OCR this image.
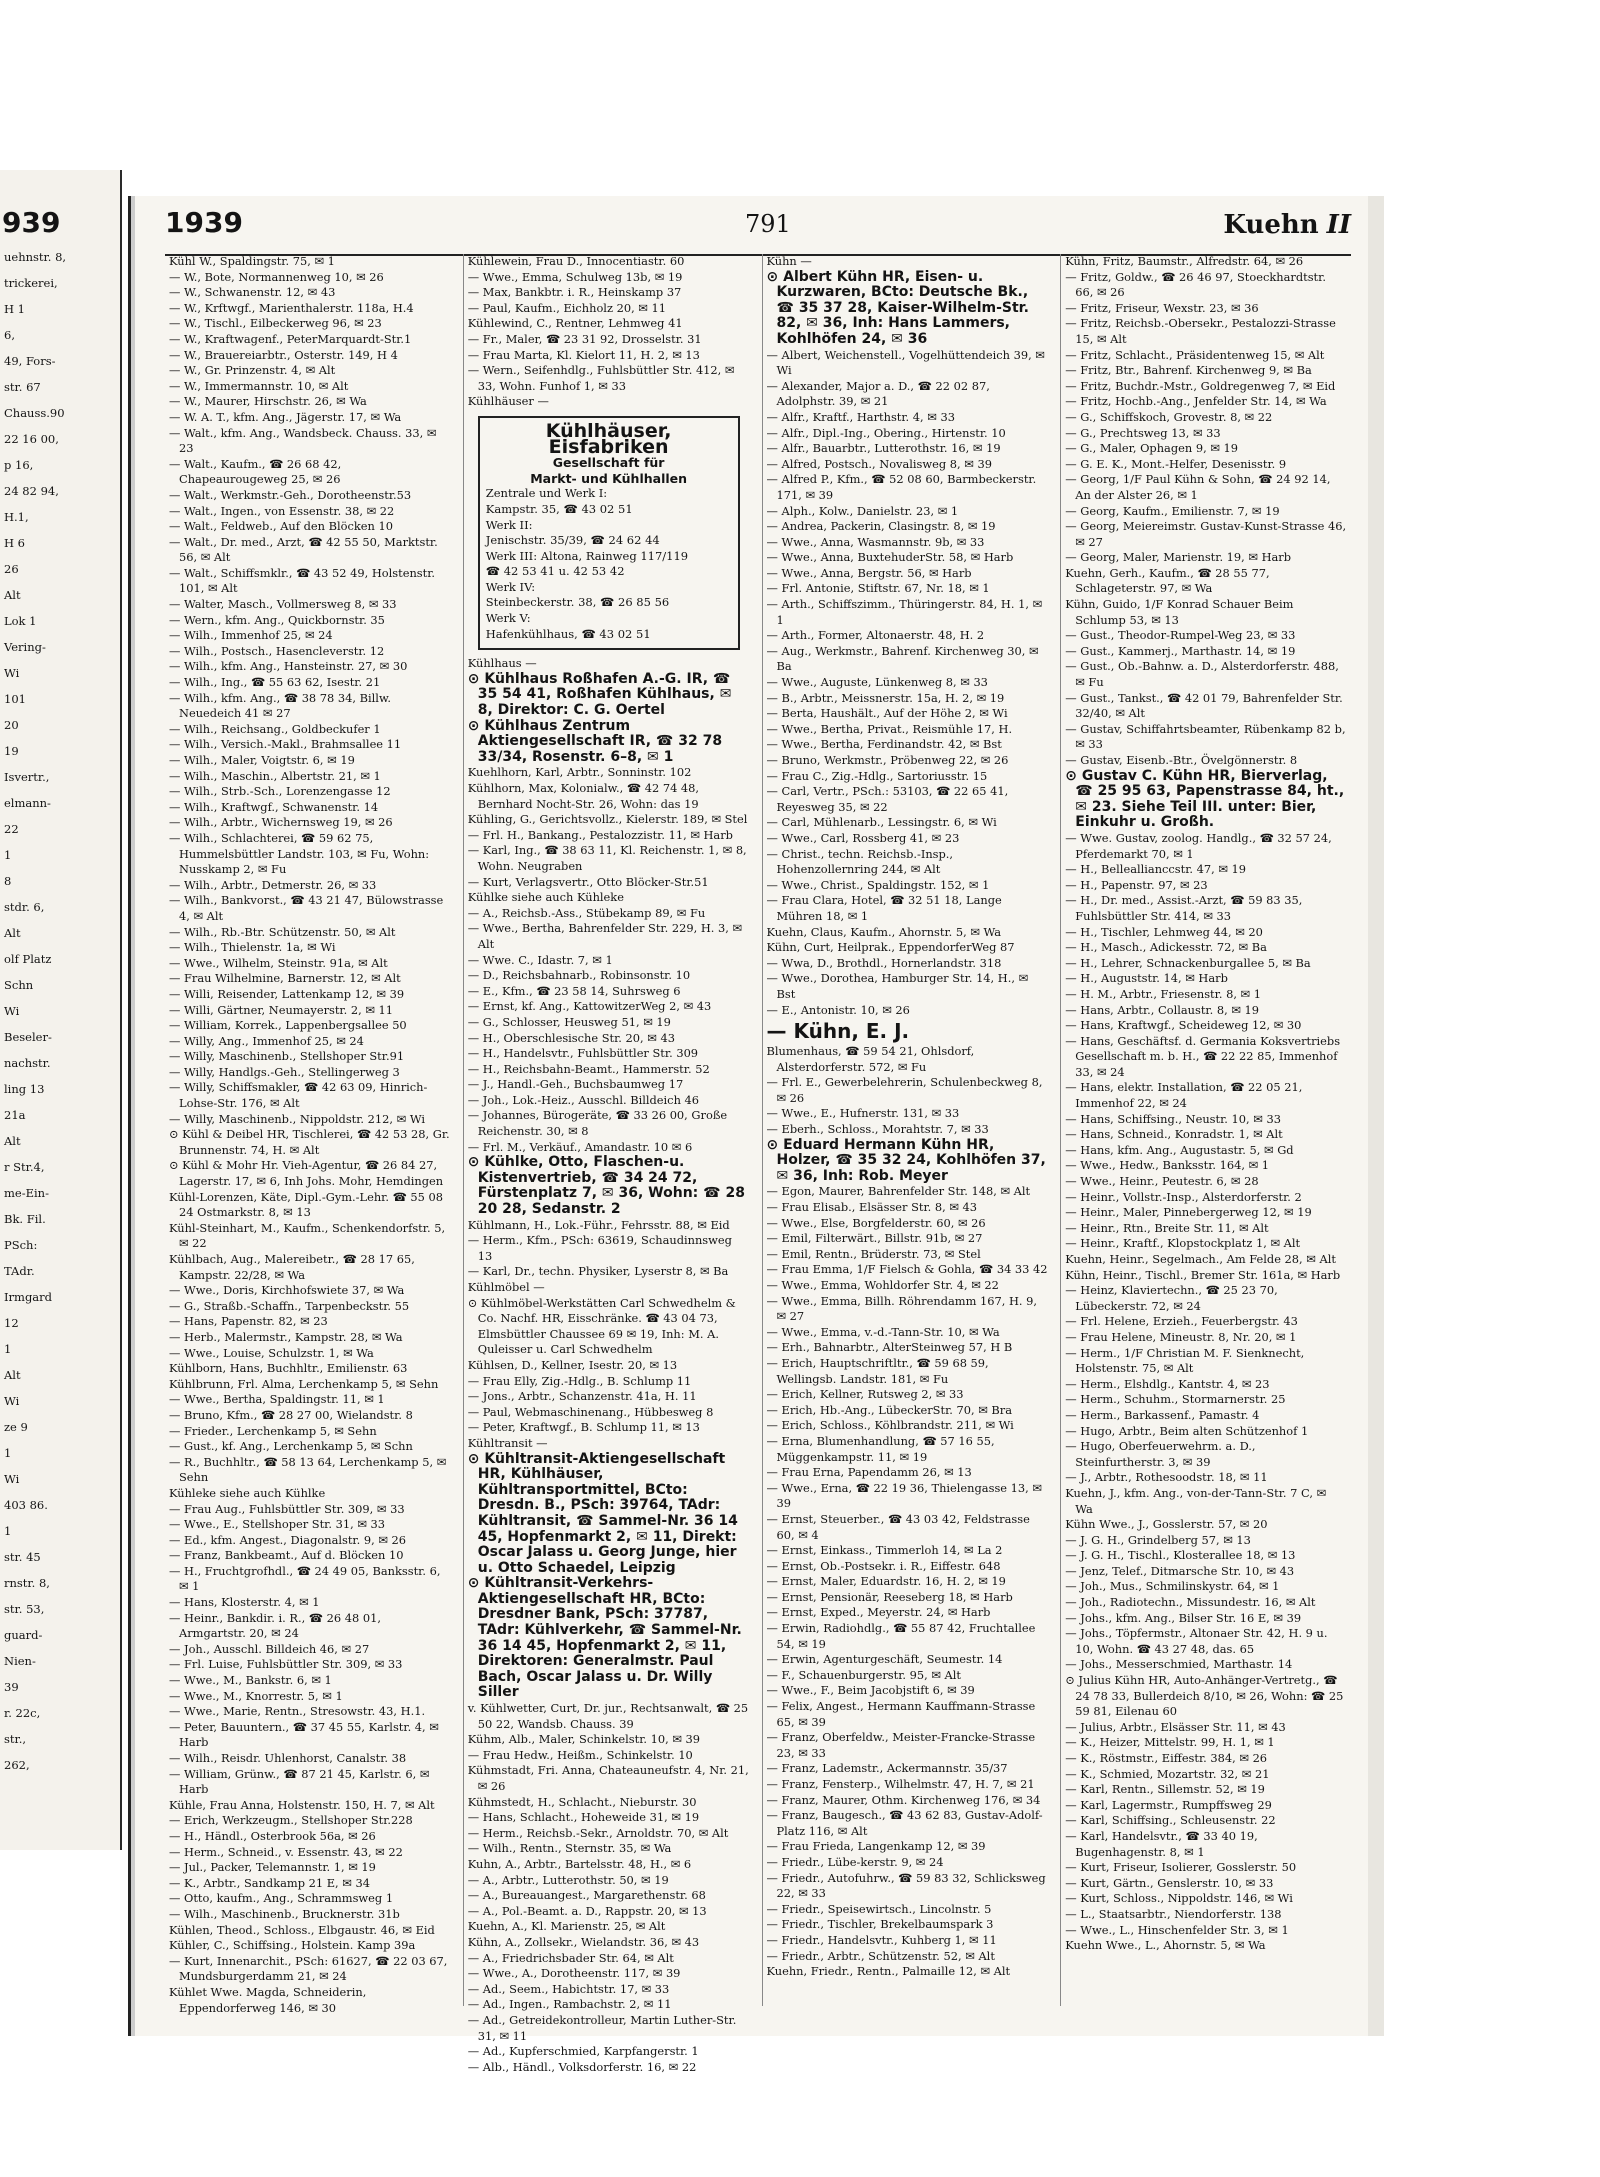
939
uehnstr. 8,
trickerei,
H 1
6,
49, Fors-
str. 67
Chauss.90
22 16 00,
p 16,
24 82 94,
H.1,
H 6
26
Alt
Lok 1
Vering-
Wi
101
20
19
Isvertr.,
elmann-
22
1
8
stdr. 6,
Alt
olf Platz
Schn
Wi
Beseler-
nachstr.
ling 13
21a
Alt
r Str.4,
me-Ein-
Bk. Fil.
PSch:
TAdr.
Irmgard
12
1
Alt
Wi
ze 9
1
Wi
403 86.
1
str. 45
rnstr. 8,
str. 53,
guard-
Nien-
39
r. 22c,
str.,
262,
1939	791	Kuehn II
Kühl W., Spaldingstr. 75, ✉ 1
— W., Bote, Normannenweg 10, ✉ 26
— W., Schwanenstr. 12, ✉ 43
— W., Krftwgf., Marienthalerstr. 118a, H.4
— W., Tischl., Eilbeckerweg 96, ✉ 23
— W., Kraftwagenf., PeterMarquardt-Str.1
— W., Brauereiarbtr., Osterstr. 149, H 4
— W., Gr. Prinzenstr. 4, ✉ Alt
— W., Immermannstr. 10, ✉ Alt
— W., Maurer, Hirschstr. 26, ✉ Wa
— W. A. T., kfm. Ang., Jägerstr. 17, ✉ Wa
— Walt., kfm. Ang., Wandsbeck. Chauss. 33, ✉ 23
— Walt., Kaufm., ☎ 26 68 42, Chapeaurougeweg 25, ✉ 26
— Walt., Werkmstr.-Geh., Dorotheenstr.53
— Walt., Ingen., von Essenstr. 38, ✉ 22
— Walt., Feldweb., Auf den Blöcken 10
— Walt., Dr. med., Arzt, ☎ 42 55 50, Marktstr. 56, ✉ Alt
— Walt., Schiffsmklr., ☎ 43 52 49, Holstenstr. 101, ✉ Alt
— Walter, Masch., Vollmersweg 8, ✉ 33
— Wern., kfm. Ang., Quickbornstr. 35
— Wilh., Immenhof 25, ✉ 24
— Wilh., Postsch., Hasencleverstr. 12
— Wilh., kfm. Ang., Hansteinstr. 27, ✉ 30
— Wilh., Ing., ☎ 55 63 62, Isestr. 21
— Wilh., kfm. Ang., ☎ 38 78 34, Billw. Neuedeich 41 ✉ 27
— Wilh., Reichsang., Goldbeckufer 1
— Wilh., Versich.-Makl., Brahmsallee 11
— Wilh., Maler, Voigtstr. 6, ✉ 19
— Wilh., Maschin., Albertstr. 21, ✉ 1
— Wilh., Strb.-Sch., Lorenzengasse 12
— Wilh., Kraftwgf., Schwanenstr. 14
— Wilh., Arbtr., Wichernsweg 19, ✉ 26
— Wilh., Schlachterei, ☎ 59 62 75, Hummelsbüttler Landstr. 103, ✉ Fu, Wohn: Nusskamp 2, ✉ Fu
— Wilh., Arbtr., Detmerstr. 26, ✉ 33
— Wilh., Bankvorst., ☎ 43 21 47, Bülowstrasse 4, ✉ Alt
— Wilh., Rb.-Btr. Schützenstr. 50, ✉ Alt
— Wilh., Thielenstr. 1a, ✉ Wi
— Wwe., Wilhelm, Steinstr. 91a, ✉ Alt
— Frau Wilhelmine, Barnerstr. 12, ✉ Alt
— Willi, Reisender, Lattenkamp 12, ✉ 39
— Willi, Gärtner, Neumayerstr. 2, ✉ 11
— William, Korrek., Lappenbergsallee 50
— Willy, Ang., Immenhof 25, ✉ 24
— Willy, Maschinenb., Stellshoper Str.91
— Willy, Handlgs.-Geh., Stellingerweg 3
— Willy, Schiffsmakler, ☎ 42 63 09, Hinrich-Lohse-Str. 176, ✉ Alt
— Willy, Maschinenb., Nippoldstr. 212, ✉ Wi
⊙ Kühl & Deibel HR, Tischlerei, ☎ 42 53 28, Gr. Brunnenstr. 74, H. ✉ Alt
⊙ Kühl & Mohr Hr. Vieh-Agentur, ☎ 26 84 27, Lagerstr. 17, ✉ 6, Inh Johs. Mohr, Hemdingen
Kühl-Lorenzen, Käte, Dipl.-Gym.-Lehr. ☎ 55 08 24 Ostmarkstr. 8, ✉ 13
Kühl-Steinhart, M., Kaufm., Schenkendorfstr. 5, ✉ 22
Kühlbach, Aug., Malereibetr., ☎ 28 17 65, Kampstr. 22/28, ✉ Wa
— Wwe., Doris, Kirchhofswiete 37, ✉ Wa
— G., Straßb.-Schaffn., Tarpenbeckstr. 55
— Hans, Papenstr. 82, ✉ 23
— Herb., Malermstr., Kampstr. 28, ✉ Wa
— Wwe., Louise, Schulzstr. 1, ✉ Wa
Kühlborn, Hans, Buchhltr., Emilienstr. 63
Kühlbrunn, Frl. Alma, Lerchenkamp 5, ✉ Sehn
— Wwe., Bertha, Spaldingstr. 11, ✉ 1
— Bruno, Kfm., ☎ 28 27 00, Wielandstr. 8
— Frieder., Lerchenkamp 5, ✉ Sehn
— Gust., kf. Ang., Lerchenkamp 5, ✉ Schn
— R., Buchhltr., ☎ 58 13 64, Lerchenkamp 5, ✉ Sehn
Kühleke siehe auch Kühlke
— Frau Aug., Fuhlsbüttler Str. 309, ✉ 33
— Wwe., E., Stellshoper Str. 31, ✉ 33
— Ed., kfm. Angest., Diagonalstr. 9, ✉ 26
— Franz, Bankbeamt., Auf d. Blöcken 10
— H., Fruchtgrofhdl., ☎ 24 49 05, Banksstr. 6, ✉ 1
— Hans, Klosterstr. 4, ✉ 1
— Heinr., Bankdir. i. R., ☎ 26 48 01, Armgartstr. 20, ✉ 24
— Joh., Ausschl. Billdeich 46, ✉ 27
— Frl. Luise, Fuhlsbüttler Str. 309, ✉ 33
— Wwe., M., Bankstr. 6, ✉ 1
— Wwe., M., Knorrestr. 5, ✉ 1
— Wwe., Marie, Rentn., Stresowstr. 43, H.1.
— Peter, Bauuntern., ☎ 37 45 55, Karlstr. 4, ✉ Harb
— Wilh., Reisdr. Uhlenhorst, Canalstr. 38
— William, Grünw., ☎ 87 21 45, Karlstr. 6, ✉ Harb
Kühle, Frau Anna, Holstenstr. 150, H. 7, ✉ Alt
— Erich, Werkzeugm., Stellshoper Str.228
— H., Händl., Osterbrook 56a, ✉ 26
— Herm., Schneid., v. Essenstr. 43, ✉ 22
— Jul., Packer, Telemannstr. 1, ✉ 19
— K., Arbtr., Sandkamp 21 E, ✉ 34
— Otto, kaufm., Ang., Schrammsweg 1
— Wilh., Maschinenb., Brucknerstr. 31b
Kühlen, Theod., Schloss., Elbgaustr. 46, ✉ Eid
Kühler, C., Schiffsing., Holstein. Kamp 39a
— Kurt, Innenarchit., PSch: 61627, ☎ 22 03 67, Mundsburgerdamm 21, ✉ 24
Kühlet Wwe. Magda, Schneiderin, Eppendorferweg 146, ✉ 30
Kühlewein, Frau D., Innocentiastr. 60
— Wwe., Emma, Schulweg 13b, ✉ 19
— Max, Bankbtr. i. R., Heinskamp 37
— Paul, Kaufm., Eichholz 20, ✉ 11
Kühlewind, C., Rentner, Lehmweg 41
— Fr., Maler, ☎ 23 31 92, Drosselstr. 31
— Frau Marta, Kl. Kielort 11, H. 2, ✉ 13
— Wern., Seifenhdlg., Fuhlsbüttler Str. 412, ✉ 33, Wohn. Funhof 1, ✉ 33
Kühlhäuser —
Kühlhäuser, Eisfabriken
Gesellschaft für
Markt- und Kühlhallen
Zentrale und Werk I:
Kampstr. 35, ☎ 43 02 51
Werk II:
Jenischstr. 35/39, ☎ 24 62 44
Werk III: Altona, Rainweg 117/119
☎ 42 53 41 u. 42 53 42
Werk IV:
Steinbeckerstr. 38, ☎ 26 85 56
Werk V:
Hafenkühlhaus, ☎ 43 02 51
Kühlhaus —
⊙ Kühlhaus Roßhafen A.-G. IR, ☎ 35 54 41, Roßhafen Kühlhaus, ✉ 8, Direktor: C. G. Oertel
⊙ Kühlhaus Zentrum Aktiengesellschaft IR, ☎ 32 78 33/34, Rosenstr. 6–8, ✉ 1
Kuehlhorn, Karl, Arbtr., Sonninstr. 102
Kühlhorn, Max, Kolonialw., ☎ 42 74 48, Bernhard Nocht-Str. 26, Wohn: das 19
Kühling, G., Gerichtsvollz., Kielerstr. 189, ✉ Stel
— Frl. H., Bankang., Pestalozzistr. 11, ✉ Harb
— Karl, Ing., ☎ 38 63 11, Kl. Reichenstr. 1, ✉ 8, Wohn. Neugraben
— Kurt, Verlagsvertr., Otto Blöcker-Str.51
Kühlke siehe auch Kühleke
— A., Reichsb.-Ass., Stübekamp 89, ✉ Fu
— Wwe., Bertha, Bahrenfelder Str. 229, H. 3, ✉ Alt
— Wwe. C., Idastr. 7, ✉ 1
— D., Reichsbahnarb., Robinsonstr. 10
— E., Kfm., ☎ 23 58 14, Suhrsweg 6
— Ernst, kf. Ang., KattowitzerWeg 2, ✉ 43
— G., Schlosser, Heusweg 51, ✉ 19
— H., Oberschlesische Str. 20, ✉ 43
— H., Handelsvtr., Fuhlsbüttler Str. 309
— H., Reichsbahn-Beamt., Hammerstr. 52
— J., Handl.-Geh., Buchsbaumweg 17
— Joh., Lok.-Heiz., Ausschl. Billdeich 46
— Johannes, Bürogeräte, ☎ 33 26 00, Große Reichenstr. 30, ✉ 8
— Frl. M., Verkäuf., Amandastr. 10 ✉ 6
⊙ Kühlke, Otto, Flaschen-u. Kistenvertrieb, ☎ 34 24 72, Fürstenplatz 7, ✉ 36, Wohn: ☎ 28 20 28, Sedanstr. 2
Kühlmann, H., Lok.-Führ., Fehrsstr. 88, ✉ Eid
— Herm., Kfm., PSch: 63619, Schaudinnsweg 13
— Karl, Dr., techn. Physiker, Lyserstr 8, ✉ Ba
Kühlmöbel —
⊙ Kühlmöbel-Werkstätten Carl Schwedhelm & Co. Nachf. HR, Eisschränke. ☎ 43 04 73, Elmsbüttler Chaussee 69 ✉ 19, Inh: M. A. Quleisser u. Carl Schwedhelm
Kühlsen, D., Kellner, Isestr. 20, ✉ 13
— Frau Elly, Zig.-Hdlg., B. Schlump 11
— Jons., Arbtr., Schanzenstr. 41a, H. 11
— Paul, Webmaschinenang., Hübbesweg 8
— Peter, Kraftwgf., B. Schlump 11, ✉ 13
Kühltransit —
⊙ Kühltransit-Aktiengesellschaft HR, Kühlhäuser, Kühltransportmittel, BCto: Dresdn. B., PSch: 39764, TAdr: Kühltransit, ☎ Sammel-Nr. 36 14 45, Hopfenmarkt 2, ✉ 11, Direkt: Oscar Jalass u. Georg Junge, hier u. Otto Schaedel, Leipzig
⊙ Kühltransit-Verkehrs-Aktiengesellschaft HR, BCto: Dresdner Bank, PSch: 37787, TAdr: Kühlverkehr, ☎ Sammel-Nr. 36 14 45, Hopfenmarkt 2, ✉ 11, Direktoren: Generalmstr. Paul Bach, Oscar Jalass u. Dr. Willy Siller
v. Kühlwetter, Curt, Dr. jur., Rechtsanwalt, ☎ 25 50 22, Wandsb. Chauss. 39
Kühm, Alb., Maler, Schinkelstr. 10, ✉ 39
— Frau Hedw., Heißm., Schinkelstr. 10
Kühmstadt, Fri. Anna, Chateauneufstr. 4, Nr. 21, ✉ 26
Kühmstedt, H., Schlacht., Nieburstr. 30
— Hans, Schlacht., Hoheweide 31, ✉ 19
— Herm., Reichsb.-Sekr., Arnoldstr. 70, ✉ Alt
— Wilh., Rentn., Sternstr. 35, ✉ Wa
Kuhn, A., Arbtr., Bartelsstr. 48, H., ✉ 6
— A., Arbtr., Lutterothstr. 50, ✉ 19
— A., Bureauangest., Margarethenstr. 68
— A., Pol.-Beamt. a. D., Rappstr. 20, ✉ 13
Kuehn, A., Kl. Marienstr. 25, ✉ Alt
Kühn, A., Zollsekr., Wielandstr. 36, ✉ 43
— A., Friedrichsbader Str. 64, ✉ Alt
— Wwe., A., Dorotheenstr. 117, ✉ 39
— Ad., Seem., Habichtstr. 17, ✉ 33
— Ad., Ingen., Rambachstr. 2, ✉ 11
— Ad., Getreidekontrolleur, Martin Luther-Str. 31, ✉ 11
— Ad., Kupferschmied, Karpfangerstr. 1
— Alb., Händl., Volksdorferstr. 16, ✉ 22
Kühn —
⊙ Albert Kühn HR, Eisen- u. Kurzwaren, BCto: Deutsche Bk., ☎ 35 37 28, Kaiser-Wilhelm-Str. 82, ✉ 36, Inh: Hans Lammers, Kohlhöfen 24, ✉ 36
— Albert, Weichenstell., Vogelhüttendeich 39, ✉ Wi
— Alexander, Major a. D., ☎ 22 02 87, Adolphstr. 39, ✉ 21
— Alfr., Kraftf., Harthstr. 4, ✉ 33
— Alfr., Dipl.-Ing., Obering., Hirtenstr. 10
— Alfr., Bauarbtr., Lutterothstr. 16, ✉ 19
— Alfred, Postsch., Novalisweg 8, ✉ 39
— Alfred P., Kfm., ☎ 52 08 60, Barmbeckerstr. 171, ✉ 39
— Alph., Kolw., Danielstr. 23, ✉ 1
— Andrea, Packerin, Clasingstr. 8, ✉ 19
— Wwe., Anna, Wasmannstr. 9b, ✉ 33
— Wwe., Anna, BuxtehuderStr. 58, ✉ Harb
— Wwe., Anna, Bergstr. 56, ✉ Harb
— Frl. Antonie, Stiftstr. 67, Nr. 18, ✉ 1
— Arth., Schiffszimm., Thüringerstr. 84, H. 1, ✉ 1
— Arth., Former, Altonaerstr. 48, H. 2
— Aug., Werkmstr., Bahrenf. Kirchenweg 30, ✉ Ba
— Wwe., Auguste, Lünkenweg 8, ✉ 33
— B., Arbtr., Meissnerstr. 15a, H. 2, ✉ 19
— Berta, Haushält., Auf der Höhe 2, ✉ Wi
— Wwe., Bertha, Privat., Reismühle 17, H.
— Wwe., Bertha, Ferdinandstr. 42, ✉ Bst
— Bruno, Werkmstr., Pröbenweg 22, ✉ 26
— Frau C., Zig.-Hdlg., Sartoriusstr. 15
— Carl, Vertr., PSch.: 53103, ☎ 22 65 41, Reyesweg 35, ✉ 22
— Carl, Mühlenarb., Lessingstr. 6, ✉ Wi
— Wwe., Carl, Rossberg 41, ✉ 23
— Christ., techn. Reichsb.-Insp., Hohenzollernring 244, ✉ Alt
— Wwe., Christ., Spaldingstr. 152, ✉ 1
— Frau Clara, Hotel, ☎ 32 51 18, Lange Mühren 18, ✉ 1
Kuehn, Claus, Kaufm., Ahornstr. 5, ✉ Wa
Kühn, Curt, Heilprak., EppendorferWeg 87
— Wwa, D., Brothdl., Hornerlandstr. 318
— Wwe., Dorothea, Hamburger Str. 14, H., ✉ Bst
— E., Antonistr. 10, ✉ 26
— Kühn, E. J.
Blumenhaus, ☎ 59 54 21, Ohlsdorf, Alsterdorferstr. 572, ✉ Fu
— Frl. E., Gewerbelehrerin, Schulenbeckweg 8, ✉ 26
— Wwe., E., Hufnerstr. 131, ✉ 33
— Eberh., Schloss., Morahtstr. 7, ✉ 33
⊙ Eduard Hermann Kühn HR, Holzer, ☎ 35 32 24, Kohlhöfen 37, ✉ 36, Inh: Rob. Meyer
— Egon, Maurer, Bahrenfelder Str. 148, ✉ Alt
— Frau Elisab., Elsässer Str. 8, ✉ 43
— Wwe., Else, Borgfelderstr. 60, ✉ 26
— Emil, Filterwärt., Billstr. 91b, ✉ 27
— Emil, Rentn., Brüderstr. 73, ✉ Stel
— Frau Emma, 1/F Fielsch & Gohla, ☎ 34 33 42
— Wwe., Emma, Wohldorfer Str. 4, ✉ 22
— Wwe., Emma, Billh. Röhrendamm 167, H. 9, ✉ 27
— Wwe., Emma, v.-d.-Tann-Str. 10, ✉ Wa
— Erh., Bahnarbtr., AlterSteinweg 57, H B
— Erich, Hauptschriftltr., ☎ 59 68 59, Wellingsb. Landstr. 181, ✉ Fu
— Erich, Kellner, Rutsweg 2, ✉ 33
— Erich, Hb.-Ang., LübeckerStr. 70, ✉ Bra
— Erich, Schloss., Köhlbrandstr. 211, ✉ Wi
— Erna, Blumenhandlung, ☎ 57 16 55, Müggenkampstr. 11, ✉ 19
— Frau Erna, Papendamm 26, ✉ 13
— Wwe., Erna, ☎ 22 19 36, Thielengasse 13, ✉ 39
— Ernst, Steuerber., ☎ 43 03 42, Feldstrasse 60, ✉ 4
— Ernst, Einkass., Timmerloh 14, ✉ La 2
— Ernst, Ob.-Postsekr. i. R., Eiffestr. 648
— Ernst, Maler, Eduardstr. 16, H. 2, ✉ 19
— Ernst, Pensionär, Reeseberg 18, ✉ Harb
— Ernst, Exped., Meyerstr. 24, ✉ Harb
— Erwin, Radiohdlg., ☎ 55 87 42, Fruchtallee 54, ✉ 19
— Erwin, Agenturgeschäft, Seumestr. 14
— F., Schauenburgerstr. 95, ✉ Alt
— Wwe., F., Beim Jacobjstift 6, ✉ 39
— Felix, Angest., Hermann Kauffmann-Strasse 65, ✉ 39
— Franz, Oberfeldw., Meister-Francke-Strasse 23, ✉ 33
— Franz, Lademstr., Ackermannstr. 35/37
— Franz, Fensterp., Wilhelmstr. 47, H. 7, ✉ 21
— Franz, Maurer, Othm. Kirchenweg 176, ✉ 34
— Franz, Baugesch., ☎ 43 62 83, Gustav-Adolf-Platz 116, ✉ Alt
— Frau Frieda, Langenkamp 12, ✉ 39
— Friedr., Lübe-kerstr. 9, ✉ 24
— Friedr., Autofuhrw., ☎ 59 83 32, Schlicksweg 22, ✉ 33
— Friedr., Speisewirtsch., Lincolnstr. 5
— Friedr., Tischler, Brekelbaumspark 3
— Friedr., Handelsvtr., Kuhberg 1, ✉ 11
— Friedr., Arbtr., Schützenstr. 52, ✉ Alt
Kuehn, Friedr., Rentn., Palmaille 12, ✉ Alt
Kühn, Fritz, Baumstr., Alfredstr. 64, ✉ 26
— Fritz, Goldw., ☎ 26 46 97, Stoeckhardtstr. 66, ✉ 26
— Fritz, Friseur, Wexstr. 23, ✉ 36
— Fritz, Reichsb.-Obersekr., Pestalozzi-Strasse 15, ✉ Alt
— Fritz, Schlacht., Präsidentenweg 15, ✉ Alt
— Fritz, Btr., Bahrenf. Kirchenweg 9, ✉ Ba
— Fritz, Buchdr.-Mstr., Goldregenweg 7, ✉ Eid
— Fritz, Hochb.-Ang., Jenfelder Str. 14, ✉ Wa
— G., Schiffskoch, Grovestr. 8, ✉ 22
— G., Prechtsweg 13, ✉ 33
— G., Maler, Ophagen 9, ✉ 19
— G. E. K., Mont.-Helfer, Desenisstr. 9
— Georg, 1/F Paul Kühn & Sohn, ☎ 24 92 14, An der Alster 26, ✉ 1
— Georg, Kaufm., Emilienstr. 7, ✉ 19
— Georg, Meiereimstr. Gustav-Kunst-Strasse 46, ✉ 27
— Georg, Maler, Marienstr. 19, ✉ Harb
Kuehn, Gerh., Kaufm., ☎ 28 55 77, Schlageterstr. 97, ✉ Wa
Kühn, Guido, 1/F Konrad Schauer Beim Schlump 53, ✉ 13
— Gust., Theodor-Rumpel-Weg 23, ✉ 33
— Gust., Kammerj., Marthastr. 14, ✉ 19
— Gust., Ob.-Bahnw. a. D., Alsterdorferstr. 488, ✉ Fu
— Gust., Tankst., ☎ 42 01 79, Bahrenfelder Str. 32/40, ✉ Alt
— Gustav, Schiffahrtsbeamter, Rübenkamp 82 b, ✉ 33
— Gustav, Eisenb.-Btr., Övelgönnerstr. 8
⊙ Gustav C. Kühn HR, Bierverlag, ☎ 25 95 63, Papenstrasse 84, ht., ✉ 23. Siehe Teil III. unter: Bier, Einkuhr u. Großh.
— Wwe. Gustav, zoolog. Handlg., ☎ 32 57 24, Pferdemarkt 70, ✉ 1
— H., Belleallianccstr. 47, ✉ 19
— H., Papenstr. 97, ✉ 23
— H., Dr. med., Assist.-Arzt, ☎ 59 83 35, Fuhlsbüttler Str. 414, ✉ 33
— H., Tischler, Lehmweg 44, ✉ 20
— H., Masch., Adickesstr. 72, ✉ Ba
— H., Lehrer, Schnackenburgallee 5, ✉ Ba
— H., Auguststr. 14, ✉ Harb
— H. M., Arbtr., Friesenstr. 8, ✉ 1
— Hans, Arbtr., Collaustr. 8, ✉ 19
— Hans, Kraftwgf., Scheideweg 12, ✉ 30
— Hans, Geschäftsf. d. Germania Koksvertriebs Gesellschaft m. b. H., ☎ 22 22 85, Immenhof 33, ✉ 24
— Hans, elektr. Installation, ☎ 22 05 21, Immenhof 22, ✉ 24
— Hans, Schiffsing., Neustr. 10, ✉ 33
— Hans, Schneid., Konradstr. 1, ✉ Alt
— Hans, kfm. Ang., Augustastr. 5, ✉ Gd
— Wwe., Hedw., Banksstr. 164, ✉ 1
— Wwe., Heinr., Peutestr. 6, ✉ 28
— Heinr., Vollstr.-Insp., Alsterdorferstr. 2
— Heinr., Maler, Pinnebergerweg 12, ✉ 19
— Heinr., Rtn., Breite Str. 11, ✉ Alt
— Heinr., Kraftf., Klopstockplatz 1, ✉ Alt
Kuehn, Heinr., Segelmach., Am Felde 28, ✉ Alt
Kühn, Heinr., Tischl., Bremer Str. 161a, ✉ Harb
— Heinz, Klaviertechn., ☎ 25 23 70, Lübeckerstr. 72, ✉ 24
— Frl. Helene, Erzieh., Feuerbergstr. 43
— Frau Helene, Mineustr. 8, Nr. 20, ✉ 1
— Herm., 1/F Christian M. F. Sienknecht, Holstenstr. 75, ✉ Alt
— Herm., Elshdlg., Kantstr. 4, ✉ 23
— Herm., Schuhm., Stormarnerstr. 25
— Herm., Barkassenf., Pamastr. 4
— Hugo, Arbtr., Beim alten Schützenhof 1
— Hugo, Oberfeuerwehrm. a. D., Steinfurtherstr. 3, ✉ 39
— J., Arbtr., Rothesoodstr. 18, ✉ 11
Kuehn, J., kfm. Ang., von-der-Tann-Str. 7 C, ✉ Wa
Kühn Wwe., J., Gosslerstr. 57, ✉ 20
— J. G. H., Grindelberg 57, ✉ 13
— J. G. H., Tischl., Klosterallee 18, ✉ 13
— Jenz, Telef., Ditmarsche Str. 10, ✉ 43
— Joh., Mus., Schmilinskystr. 64, ✉ 1
— Joh., Radiotechn., Missundestr. 16, ✉ Alt
— Johs., kfm. Ang., Bilser Str. 16 E, ✉ 39
— Johs., Töpfermstr., Altonaer Str. 42, H. 9 u. 10, Wohn. ☎ 43 27 48, das. 65
— Johs., Messerschmied, Marthastr. 14
⊙ Julius Kühn HR, Auto-Anhänger-Vertretg., ☎ 24 78 33, Bullerdeich 8/10, ✉ 26, Wohn: ☎ 25 59 81, Eilenau 60
— Julius, Arbtr., Elsässer Str. 11, ✉ 43
— K., Heizer, Mittelstr. 99, H. 1, ✉ 1
— K., Röstmstr., Eiffestr. 384, ✉ 26
— K., Schmied, Mozartstr. 32, ✉ 21
— Karl, Rentn., Sillemstr. 52, ✉ 19
— Karl, Lagermstr., Rumpffsweg 29
— Karl, Schiffsing., Schleusenstr. 22
— Karl, Handelsvtr., ☎ 33 40 19, Bugenhagenstr. 8, ✉ 1
— Kurt, Friseur, Isolierer, Gosslerstr. 50
— Kurt, Gärtn., Genslerstr. 10, ✉ 33
— Kurt, Schloss., Nippoldstr. 146, ✉ Wi
— L., Staatsarbtr., Niendorferstr. 138
— Wwe., L., Hinschenfelder Str. 3, ✉ 1
Kuehn Wwe., L., Ahornstr. 5, ✉ Wa
